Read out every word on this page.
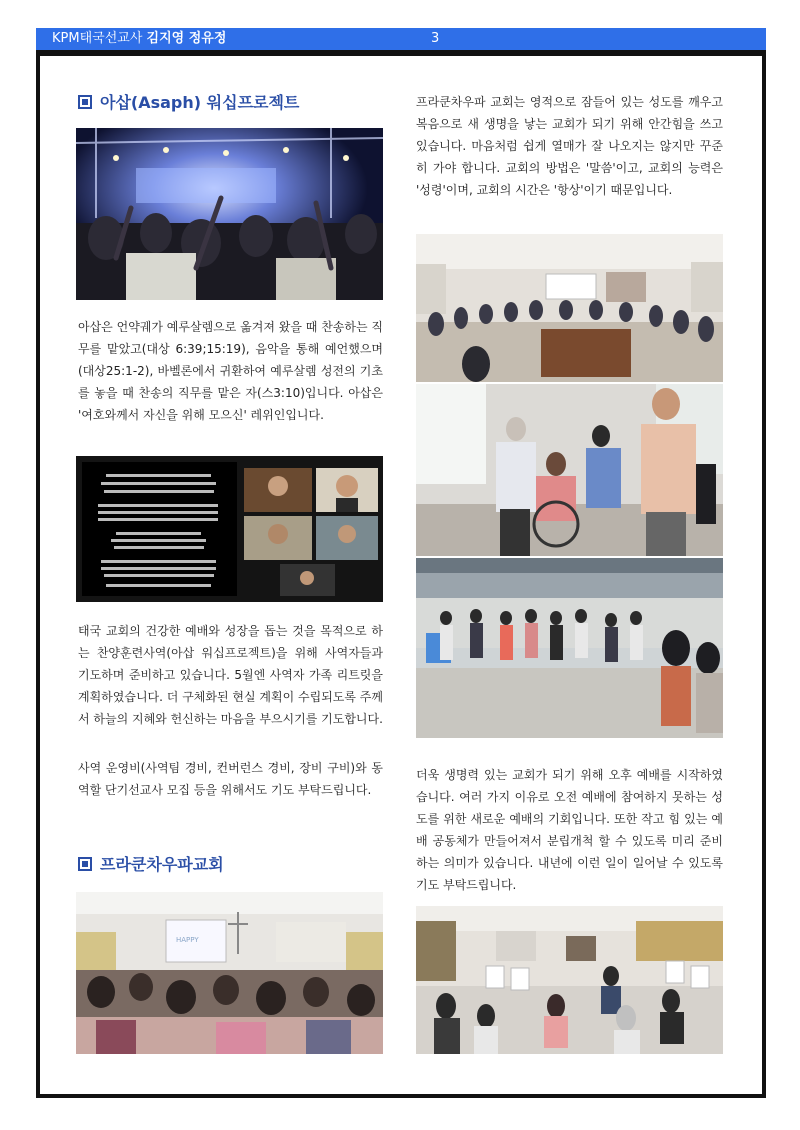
KPM태국선교사 김지영 정유정	3
아삽(Asaph) 워십프로젝트

아삽은 언약궤가 예루살렘으로 옮겨져 왔을 때 찬송하는 직무를 맡았고(대상 6:39;15:19), 음악을 통해 예언했으며(대상25:1-2), 바벨론에서 귀환하여 예루살렘 성전의 기초를 놓을 때 찬송의 직무를 맡은 자(스3:10)입니다. 아삽은 '여호와께서 자신을 위해 모으신' 레위인입니다.

태국 교회의 건강한 예배와 성장을 돕는 것을 목적으로 하는 찬양훈련사역(아삽 워십프로젝트)을 위해 사역자들과 기도하며 준비하고 있습니다. 5월엔 사역자 가족 리트릿을 계획하였습니다. 더 구체화된 현실 계획이 수립되도록 주께서 하늘의 지혜와 헌신하는 마음을 부으시기를 기도합니다.

사역 운영비(사역팀 경비, 컨버런스 경비, 장비 구비)와 동역할 단기선교사 모집 등을 위해서도 기도 부탁드립니다.

프라쿤차우파교회
HAPPY

프라쿤차우파 교회는 영적으로 잠들어 있는 성도를 깨우고 복음으로 새 생명을 낳는 교회가 되기 위해 안간힘을 쓰고 있습니다. 마음처럼 쉽게 열매가 잘 나오지는 않지만 꾸준히 가야 합니다. 교회의 방법은 '말씀'이고, 교회의 능력은 '성령'이며, 교회의 시간은 '항상'이기 때문입니다.

더욱 생명력 있는 교회가 되기 위해 오후 예배를 시작하였습니다. 여러 가지 이유로 오전 예배에 참여하지 못하는 성도를 위한 새로운 예배의 기회입니다. 또한 작고 힘 있는 예배 공동체가 만들어져서 분립개척 할 수 있도록 미리 준비하는 의미가 있습니다. 내년에 이런 일이 일어날 수 있도록 기도 부탁드립니다.
